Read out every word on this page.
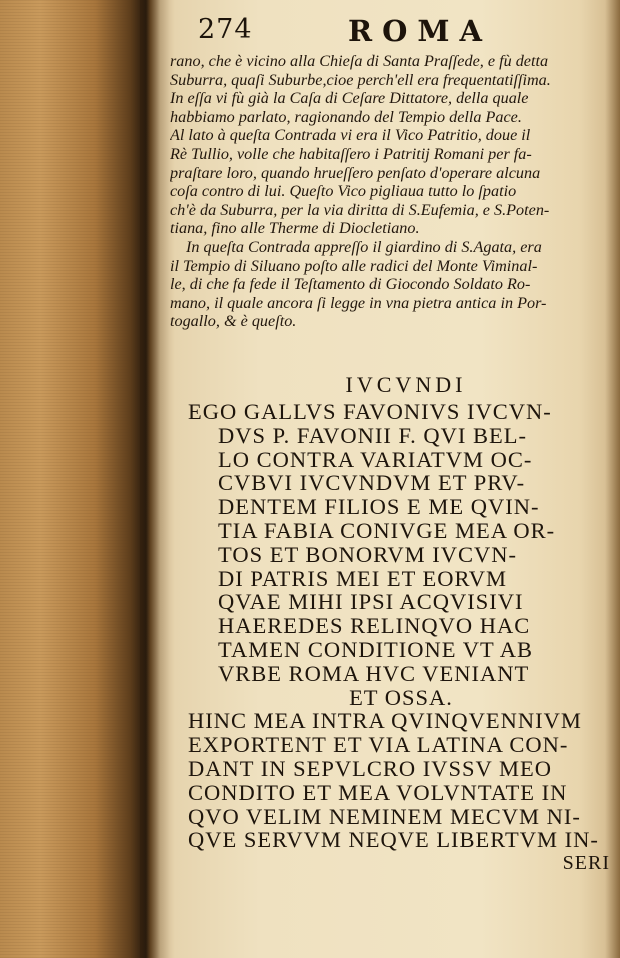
274	ROMA
rano, che è vicino alla Chieſa di Santa Praſſede, e fù detta
Suburra, quaſi Suburbe,cioe perch'ell era frequentatiſſima.
In eſſa vi fù già la Caſa di Ceſare Dittatore, della quale
habbiamo parlato, ragionando del Tempio della Pace.
Al lato à queſta Contrada vi era il Vico Patritio, doue il
Rè Tullio, volle che habitaſſero i Patritij Romani per fa-
praſtare loro, quando hrueſſero penſato d'operare alcuna
coſa contro di lui. Queſto Vico pigliaua tutto lo ſpatio
ch'è da Suburra, per la via diritta di S.Eufemia, e S.Poten-
tiana, fino alle Therme di Diocletiano.
In queſta Contrada appreſſo il giardino di S.Agata, era
il Tempio di Siluano poſto alle radici del Monte Viminal-
le, di che fa fede il Teſtamento di Giocondo Soldato Ro-
mano, il quale ancora ſi legge in vna pietra antica in Por-
togallo, & è queſto.
IVCVNDI
EGO GALLVS FAVONIVS IVCVN-
DVS P. FAVONII F. QVI BEL-
LO CONTRA VARIATVM OC-
CVBVI IVCVNDVM ET PRV-
DENTEM FILIOS E ME QVIN-
TIA FABIA CONIVGE MEA OR-
TOS ET BONORVM IVCVN-
DI PATRIS MEI ET EORVM
QVAE MIHI IPSI ACQVISIVI
HAEREDES RELINQVO HAC
TAMEN CONDITIONE VT AB
VRBE ROMA HVC VENIANT
ET OSSA.
HINC MEA INTRA QVINQVENNIVM
EXPORTENT ET VIA LATINA CON-
DANT IN SEPVLCRO IVSSV MEO
CONDITO ET MEA VOLVNTATE IN
QVO VELIM NEMINEM MECVM NI-
QVE SERVVM NEQVE LIBERTVM IN-
SERI
